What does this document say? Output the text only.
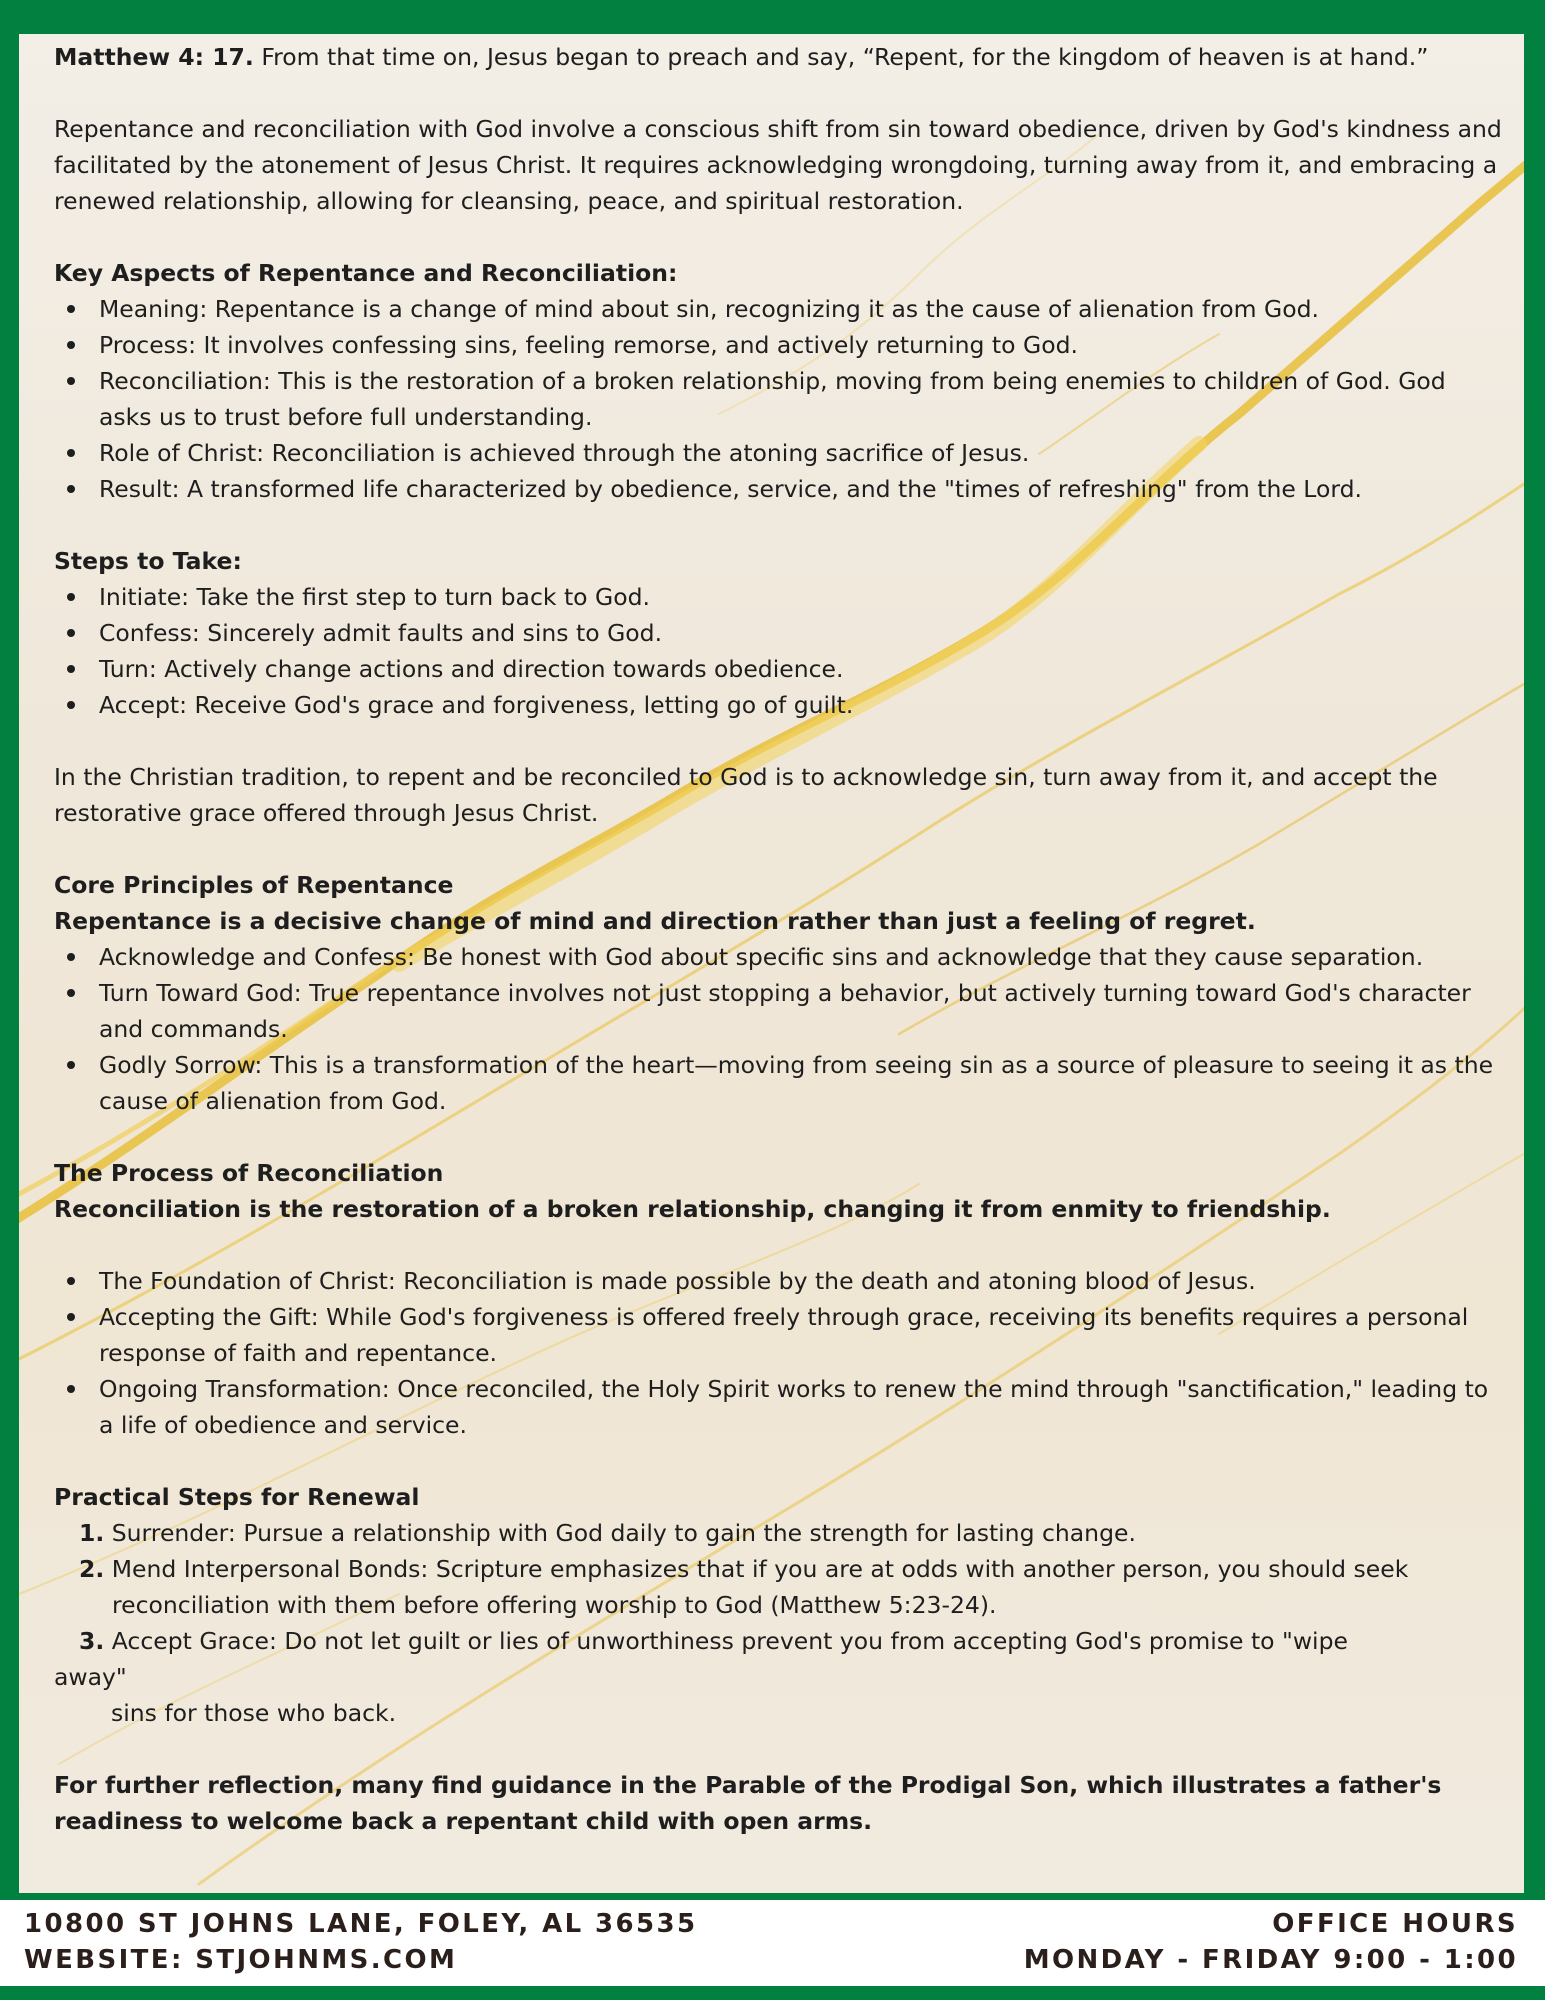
Matthew 4: 17. From that time on, Jesus began to preach and say, “Repent, for the kingdom of heaven is at hand.”

Repentance and reconciliation with God involve a conscious shift from sin toward obedience, driven by God's kindness and facilitated by the atonement of Jesus Christ. It requires acknowledging wrongdoing, turning away from it, and embracing a renewed relationship, allowing for cleansing, peace, and spiritual restoration.

Key Aspects of Repentance and Reconciliation:

Meaning: Repentance is a change of mind about sin, recognizing it as the cause of alienation from God.
Process: It involves confessing sins, feeling remorse, and actively returning to God.
Reconciliation: This is the restoration of a broken relationship, moving from being enemies to children of God. God asks us to trust before full understanding.
Role of Christ: Reconciliation is achieved through the atoning sacrifice of Jesus.
Result: A transformed life characterized by obedience, service, and the "times of refreshing" from the Lord.

Steps to Take:

Initiate: Take the first step to turn back to God.
Confess: Sincerely admit faults and sins to God.
Turn: Actively change actions and direction towards obedience.
Accept: Receive God's grace and forgiveness, letting go of guilt.

In the Christian tradition, to repent and be reconciled to God is to acknowledge sin, turn away from it, and accept the restorative grace offered through Jesus Christ.

Core Principles of Repentance

Repentance is a decisive change of mind and direction rather than just a feeling of regret.

Acknowledge and Confess: Be honest with God about specific sins and acknowledge that they cause separation.
Turn Toward God: True repentance involves not just stopping a behavior, but actively turning toward God's character and commands.
Godly Sorrow: This is a transformation of the heart—moving from seeing sin as a source of pleasure to seeing it as the cause of alienation from God.

The Process of Reconciliation

Reconciliation is the restoration of a broken relationship, changing it from enmity to friendship.

The Foundation of Christ: Reconciliation is made possible by the death and atoning blood of Jesus.
Accepting the Gift: While God's forgiveness is offered freely through grace, receiving its benefits requires a personal response of faith and repentance.
Ongoing Transformation: Once reconciled, the Holy Spirit works to renew the mind through "sanctification," leading to a life of obedience and service.

Practical Steps for Renewal

1. Surrender: Pursue a relationship with God daily to gain the strength for lasting change.

2. Mend Interpersonal Bonds: Scripture emphasizes that if you are at odds with another person, you should seek

reconciliation with them before offering worship to God (Matthew 5:23-24).

3. Accept Grace: Do not let guilt or lies of unworthiness prevent you from accepting God's promise to "wipe

away"

sins for those who back.

For further reflection, many find guidance in the Parable of the Prodigal Son, which illustrates a father's readiness to welcome back a repentant child with open arms.

10800 ST JOHNS LANE, FOLEY, AL 36535
WEBSITE: STJOHNMS.COM
OFFICE HOURS
MONDAY - FRIDAY 9:00 - 1:00
